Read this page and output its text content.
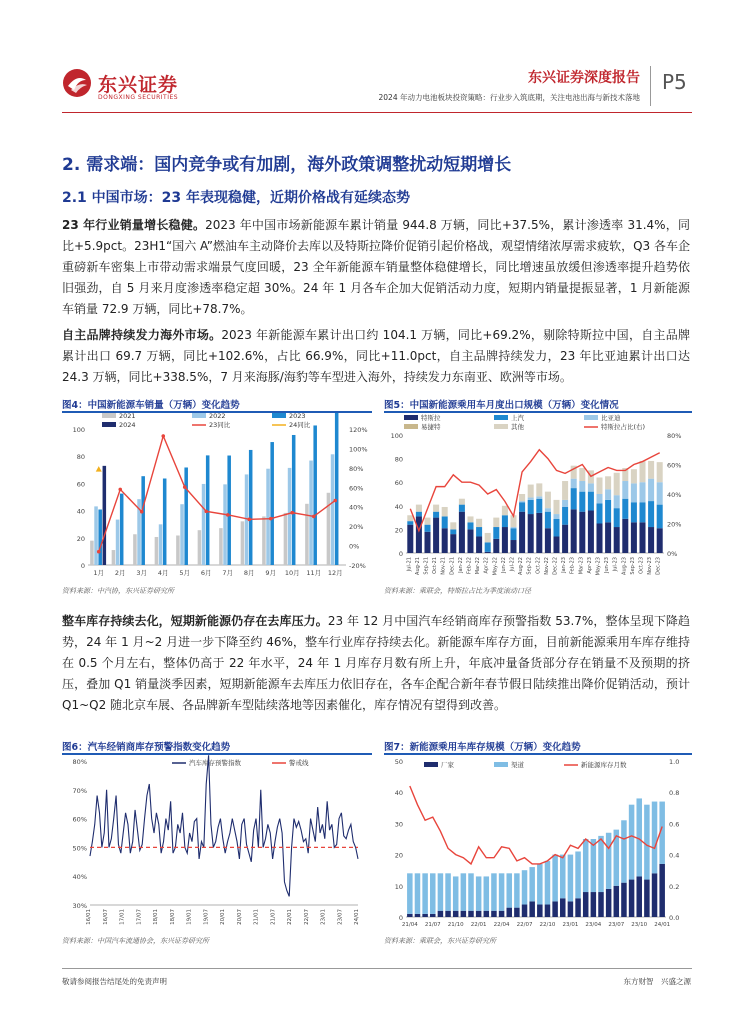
东兴证券
DONGXING SECURITIES
东兴证券深度报告
2024 年动力电池板块投资策略：行业步入筑底期，关注电池出海与新技术落地
P5
2. 需求端：国内竞争或有加剧，海外政策调整扰动短期增长
2.1 中国市场：23 年表现稳健，近期价格战有延续态势
23 年行业销量增长稳健。2023 年中国市场新能源车累计销量 944.8 万辆，同比+37.5%，累计渗透率 31.4%，同比+5.9pct。23H1“国六 A”燃油车主动降价去库以及特斯拉降价促销引起价格战，观望情绪浓厚需求疲软，Q3 各车企重磅新车密集上市带动需求端景气度回暖，23 全年新能源车销量整体稳健增长，同比增速虽放缓但渗透率提升趋势依旧强劲，自 5 月来月度渗透率稳定超 30%。24 年 1 月各车企加大促销活动力度，短期内销量提振显著，1 月新能源车销量 72.9 万辆，同比+78.7%。
自主品牌持续发力海外市场。2023 年新能源车累计出口约 104.1 万辆，同比+69.2%，剔除特斯拉中国，自主品牌累计出口 69.7 万辆，同比+102.6%，占比 66.9%，同比+11.0pct，自主品牌持续发力，23 年比亚迪累计出口达 24.3 万辆，同比+338.5%，7 月来海豚/海豹等车型进入海外，持续发力东南亚、欧洲等市场。
整车库存持续去化，短期新能源仍存在去库压力。23 年 12 月中国汽车经销商库存预警指数 53.7%，整体呈现下降趋势，24 年 1 月~2 月进一步下降至约 46%，整车行业库存持续去化。新能源车库存方面，目前新能源乘用车库存维持在 0.5 个月左右，整体仍高于 22 年水平，24 年 1 月库存月数有所上升，年底冲量备货部分存在销量不及预期的挤压，叠加 Q1 销量淡季因素，短期新能源车去库压力依旧存在，各车企配合新年春节假日陆续推出降价促销活动，预计 Q1~Q2 随北京车展、各品牌新车型陆续落地等因素催化，库存情况有望得到改善。
图4：中国新能源车销量（万辆）变化趋势	图5：中国新能源乘用车月度出口规模（万辆）变化情况
资料来源：中汽协，东兴证券研究所	资料来源：乘联会，特斯拉占比为季度滚动口径
图6：汽车经销商库存预警指数变化趋势	图7：新能源乘用车库存规模（万辆）变化趋势
资料来源：中国汽车流通协会，东兴证券研究所	资料来源：乘联会，东兴证券研究所
0
20
40
60
80
100
-20%
0%
20%
40%
60%
80%
100%
120%
1月 2月 3月 4月 5月 6月 7月 8月 9月 10月 11月 12月
2021	2022	2023
2024	23同比	24同比
0
20
40
60
80
100
0%
20%
40%
60%
80%
Jul-21 Aug-21 Sep-21 Oct-21 Nov-21 Dec-21 Jan-22 Feb-22 Mar-22 Apr-22 May-22 Jun-22 Jul-22 Aug-22 Sep-22 Oct-22 Nov-22 Dec-22 Jan-23 Feb-23 Mar-23 Apr-23 May-23 Jun-23 Jul-23 Aug-23 Sep-23 Oct-23 Nov-23 Dec-23
特斯拉	上汽	比亚迪
易捷特	其他	特斯拉占比(右)
30%
40%
50%
60%
70%
80%
16/01 16/07 17/01 17/07 18/01 18/07 19/01 19/07 20/01 20/07 21/01 21/07 22/01 22/07 23/01 23/07 24/01
汽车库存预警指数	警戒线
0
10
20
30
40
50
0.0
0.2
0.4
0.6
0.8
1.0
21/04 21/07 21/10 22/01 22/04 22/07 22/10 23/01 23/04 23/07 23/10 24/01
厂家	渠道	新能源库存月数
敬请参阅报告结尾处的免责声明	东方财智　兴盛之源
